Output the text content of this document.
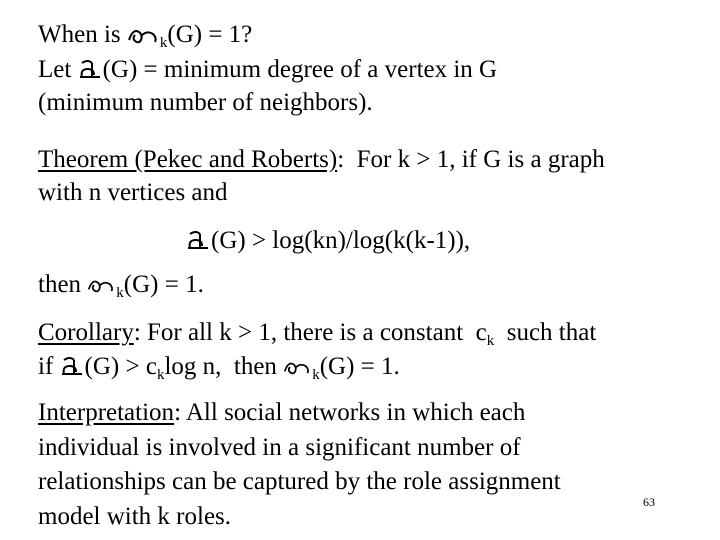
When is $_k$(G) = 1?
Let (G) = minimum degree of a vertex in G
(minimum number of neighbors).
Theorem (Pekec and Roberts):  For k > 1, if G is a graph
with n vertices and
(G) > log(kn)/log(k(k-1)),
then $_k$(G) = 1.
Corollary: For all k > 1, there is a constant  $c_k$  such that
if $(G) > c_k\log$ n,  then $_k$(G) = 1.
Interpretation: All social networks in which each
individual is involved in a significant number of
relationships can be captured by the role assignment
model with k roles.
63
